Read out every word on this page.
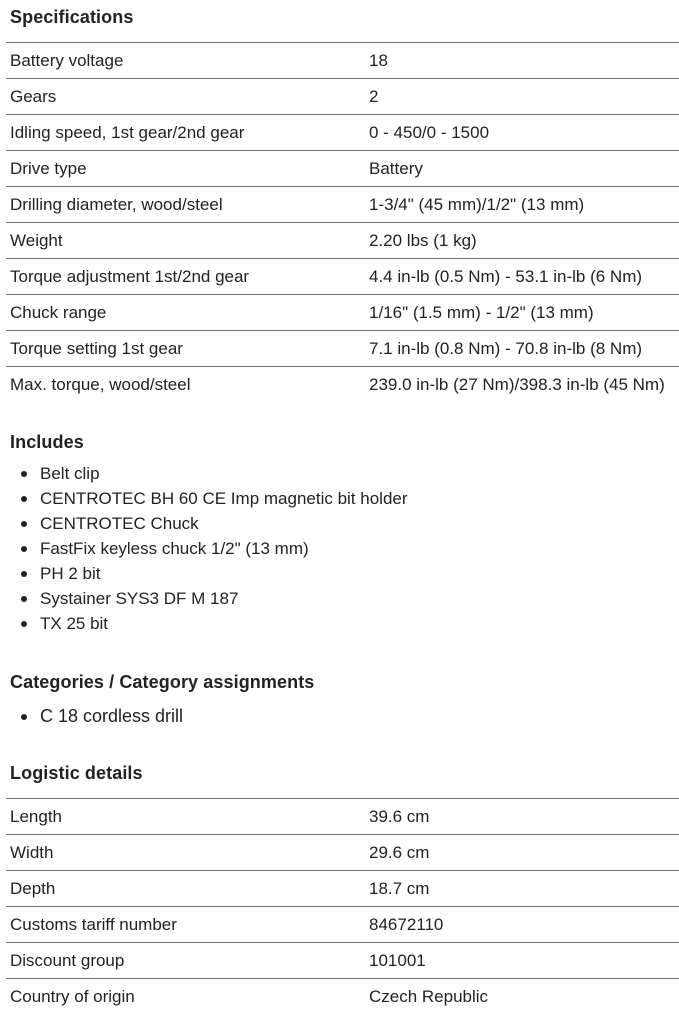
Specifications
Battery voltage	18
Gears	2
Idling speed, 1st gear/2nd gear	0 - 450/0 - 1500
Drive type	Battery
Drilling diameter, wood/steel	1-3/4" (45 mm)/1/2" (13 mm)
Weight	2.20 lbs (1 kg)
Torque adjustment 1st/2nd gear	4.4 in-lb (0.5 Nm) - 53.1 in-lb (6 Nm)
Chuck range	1/16" (1.5 mm) - 1/2" (13 mm)
Torque setting 1st gear	7.1 in-lb (0.8 Nm) - 70.8 in-lb (8 Nm)
Max. torque, wood/steel	239.0 in-lb (27 Nm)/398.3 in-lb (45 Nm)
Includes
Belt clip
CENTROTEC BH 60 CE Imp magnetic bit holder
CENTROTEC Chuck
FastFix keyless chuck 1/2" (13 mm)
PH 2 bit
Systainer SYS3 DF M 187
TX 25 bit
Categories / Category assignments
C 18 cordless drill
Logistic details
Length	39.6 cm
Width	29.6 cm
Depth	18.7 cm
Customs tariff number	84672110
Discount group	101001
Country of origin	Czech Republic
